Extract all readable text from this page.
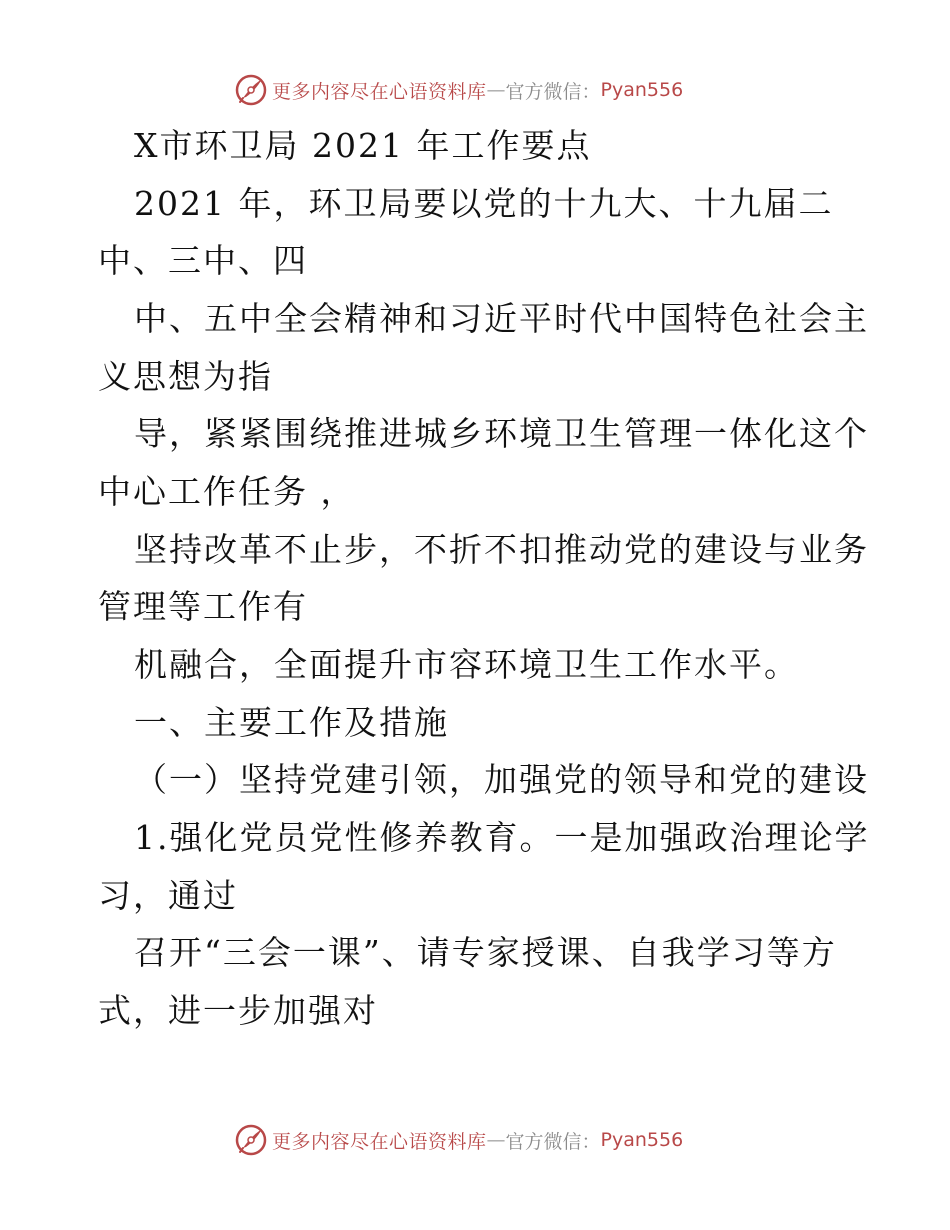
更多内容尽在心语资料库 — 官方微信： Pyan556
X市环卫局 2021 年工作要点
2021 年，环卫局要以党的十九大、十九届二
中、三中、四
中、五中全会精神和习近平时代中国特色社会主
义思想为指
导，紧紧围绕推进城乡环境卫生管理一体化这个
中心工作任务 ，
坚持改革不止步，不折不扣推动党的建设与业务
管理等工作有
机融合，全面提升市容环境卫生工作水平。
一、主要工作及措施
（一）坚持党建引领，加强党的领导和党的建设
1.强化党员党性修养教育。一是加强政治理论学
习，通过
召开“三会一课”、请专家授课、自我学习等方
式，进一步加强对
更多内容尽在心语资料库 — 官方微信： Pyan556
